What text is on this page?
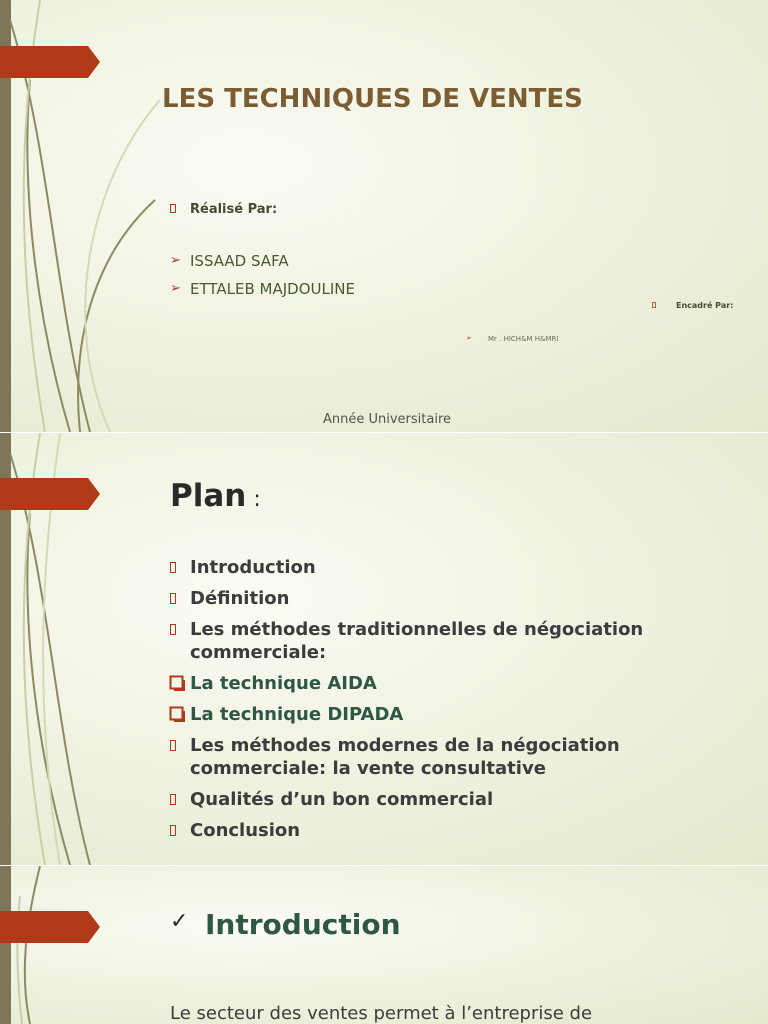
LES TECHNIQUES DE VENTES
Réalisé Par:
➢ ISSAAD SAFA
➢ ETTALEB MAJDOULINE
Encadré Par:
➢ Mr . HICH&M H&MRI
Année Universitaire
Plan :
Introduction
Définition
Les méthodes traditionnelles de négociation
commerciale:
La technique AIDA
La technique DIPADA
Les méthodes modernes de la négociation
commerciale: la vente consultative
Qualités d’un bon commercial
Conclusion
✓ Introduction
Le secteur des ventes permet à l’entreprise de
